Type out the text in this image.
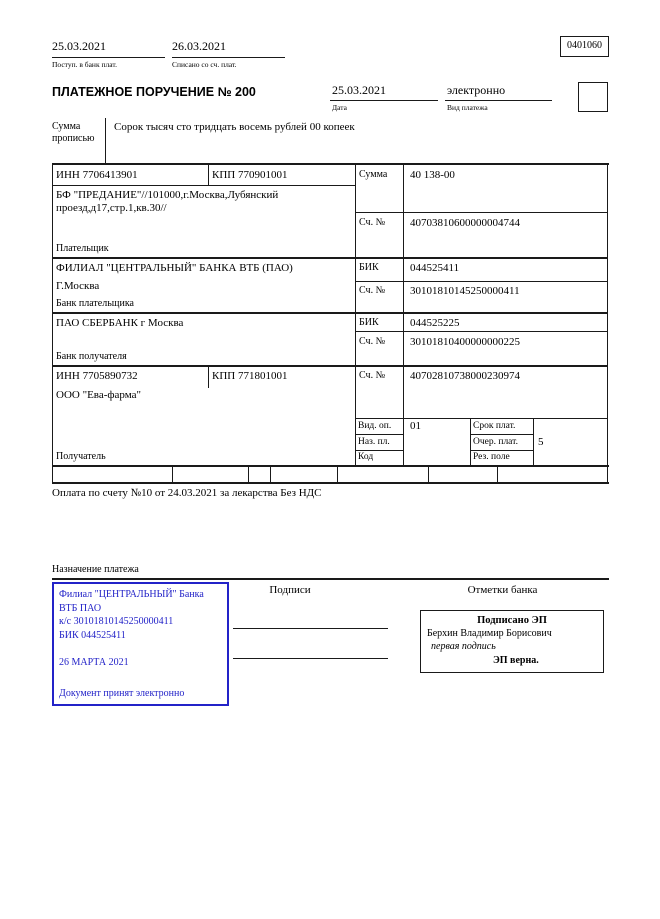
25.03.2021
Поступ. в банк плат.
26.03.2021
Списано со сч. плат.
0401060
ПЛАТЕЖНОЕ ПОРУЧЕНИЕ № 200	25.03.2021
Дата
электронно
Вид платежа
Сумма прописью
Сорок тысяч сто тридцать восемь рублей 00 копеек
ИНН 7706413901	КПП 770901001	Сумма 40 138-00
БФ "ПРЕДАНИЕ"//101000,г.Москва,Лубянский проезд,д17,стр.1,кв.30//
Сч. № 40703810600000004744
Плательщик
ФИЛИАЛ "ЦЕНТРАЛЬНЫЙ" БАНКА ВТБ (ПАО)
Г.Москва
Банк плательщика
БИК	044525411
Сч. № 30101810145250000411
ПАО СБЕРБАНК г Москва
Банк получателя
БИК	044525225
Сч. № 30101810400000000225
ИНН 7705890732	КПП 771801001	Сч. № 40702810738000230974
ООО "Ева-фарма"
Получатель
Вид. оп. 01	Срок плат.
Наз. пл.	Очер. плат. 5
Код	Рез. поле
Оплата по счету №10 от 24.03.2021 за лекарства Без НДС
Назначение платежа
Филиал "ЦЕНТРАЛЬНЫЙ" Банка
ВТБ ПАО
к/с 30101810145250000411
БИК 044525411
26 МАРТА 2021
Документ принят электронно
Подписи	Отметки банка
Подписано ЭП
Берхин Владимир Борисович
первая подпись
ЭП верна.
